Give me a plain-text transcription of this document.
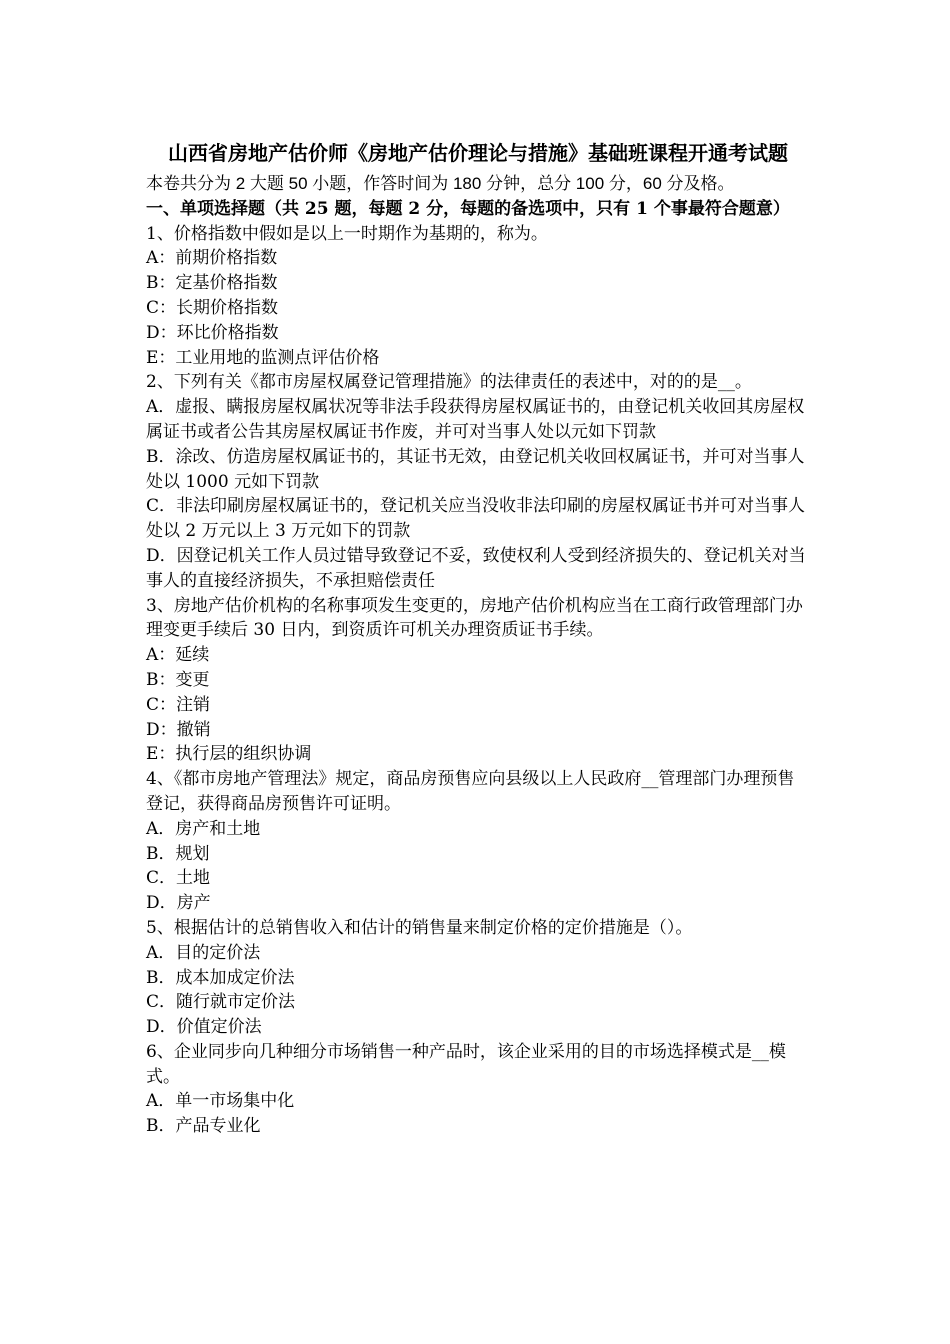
山西省房地产估价师《房地产估价理论与措施》基础班课程开通考试题
本卷共分为 2 大题 50 小题，作答时间为 180 分钟，总分 100 分，60 分及格。
一、单项选择题（共 25 题，每题 2 分，每题的备选项中，只有 1 个事最符合题意）
1、价格指数中假如是以上一时期作为基期的，称为。
A：前期价格指数
B：定基价格指数
C：长期价格指数
D：环比价格指数
E：工业用地的监测点评估价格
2、下列有关《都市房屋权属登记管理措施》的法律责任的表述中，对的的是__。
A．虚报、瞒报房屋权属状况等非法手段获得房屋权属证书的，由登记机关收回其房屋权属证书或者公告其房屋权属证书作废，并可对当事人处以元如下罚款
B．涂改、仿造房屋权属证书的，其证书无效，由登记机关收回权属证书，并可对当事人处以 1000 元如下罚款
C．非法印刷房屋权属证书的，登记机关应当没收非法印刷的房屋权属证书并可对当事人处以 2 万元以上 3 万元如下的罚款
D．因登记机关工作人员过错导致登记不妥，致使权利人受到经济损失的、登记机关对当事人的直接经济损失，不承担赔偿责任
3、房地产估价机构的名称事项发生变更的，房地产估价机构应当在工商行政管理部门办理变更手续后 30 日内，到资质许可机关办理资质证书手续。
A：延续
B：变更
C：注销
D：撤销
E：执行层的组织协调
4、《都市房地产管理法》规定，商品房预售应向县级以上人民政府__管理部门办理预售登记，获得商品房预售许可证明。
A．房产和土地
B．规划
C．土地
D．房产
5、根据估计的总销售收入和估计的销售量来制定价格的定价措施是（）。
A．目的定价法
B．成本加成定价法
C．随行就市定价法
D．价值定价法
6、企业同步向几种细分市场销售一种产品时，该企业采用的目的市场选择模式是__模式。
A．单一市场集中化
B．产品专业化
